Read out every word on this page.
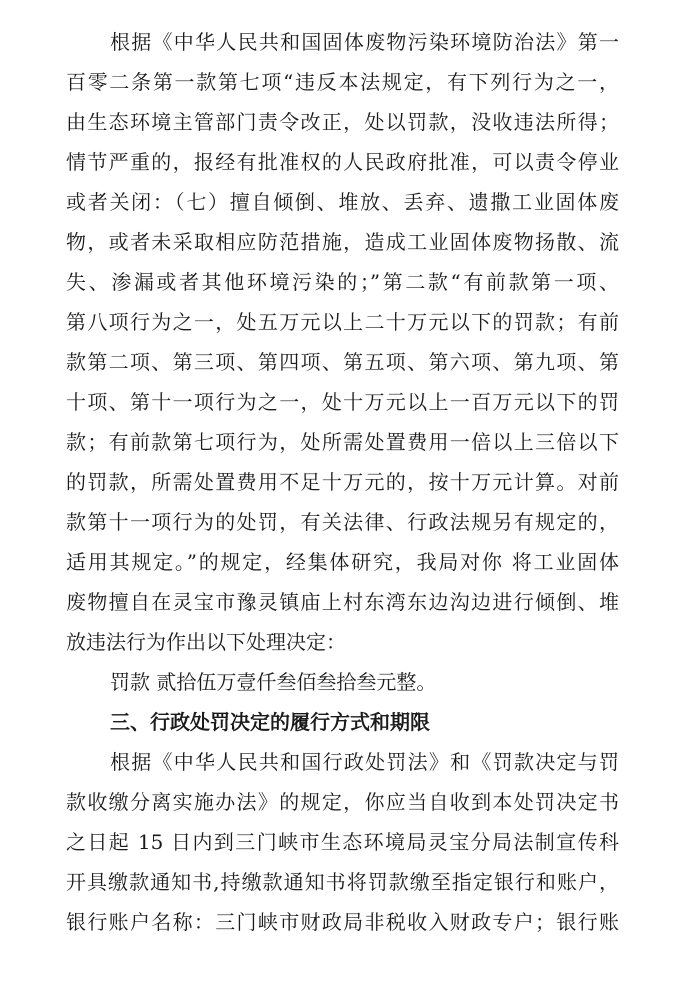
根据《中华人民共和国固体废物污染环境防治法》第一
百零二条第一款第七项“违反本法规定，有下列行为之一，
由生态环境主管部门责令改正，处以罚款，没收违法所得；
情节严重的，报经有批准权的人民政府批准，可以责令停业
或者关闭：（七）擅自倾倒、堆放、丢弃、遗撒工业固体废
物，或者未采取相应防范措施，造成工业固体废物扬散、流
失、渗漏或者其他环境污染的；”第二款“有前款第一项、
第八项行为之一，处五万元以上二十万元以下的罚款；有前
款第二项、第三项、第四项、第五项、第六项、第九项、第
十项、第十一项行为之一，处十万元以上一百万元以下的罚
款；有前款第七项行为，处所需处置费用一倍以上三倍以下
的罚款，所需处置费用不足十万元的，按十万元计算。对前
款第十一项行为的处罚，有关法律、行政法规另有规定的，
适用其规定。”的规定，经集体研究，我局对你 将工业固体
废物擅自在灵宝市豫灵镇庙上村东湾东边沟边进行倾倒、堆
放违法行为作出以下处理决定：
罚款 贰拾伍万壹仟叁佰叁拾叁元整。
三、行政处罚决定的履行方式和期限
根据《中华人民共和国行政处罚法》和《罚款决定与罚
款收缴分离实施办法》的规定，你应当自收到本处罚决定书
之日起 15 日内到三门峡市生态环境局灵宝分局法制宣传科
开具缴款通知书,持缴款通知书将罚款缴至指定银行和账户，
银行账户名称：三门峡市财政局非税收入财政专户；银行账
